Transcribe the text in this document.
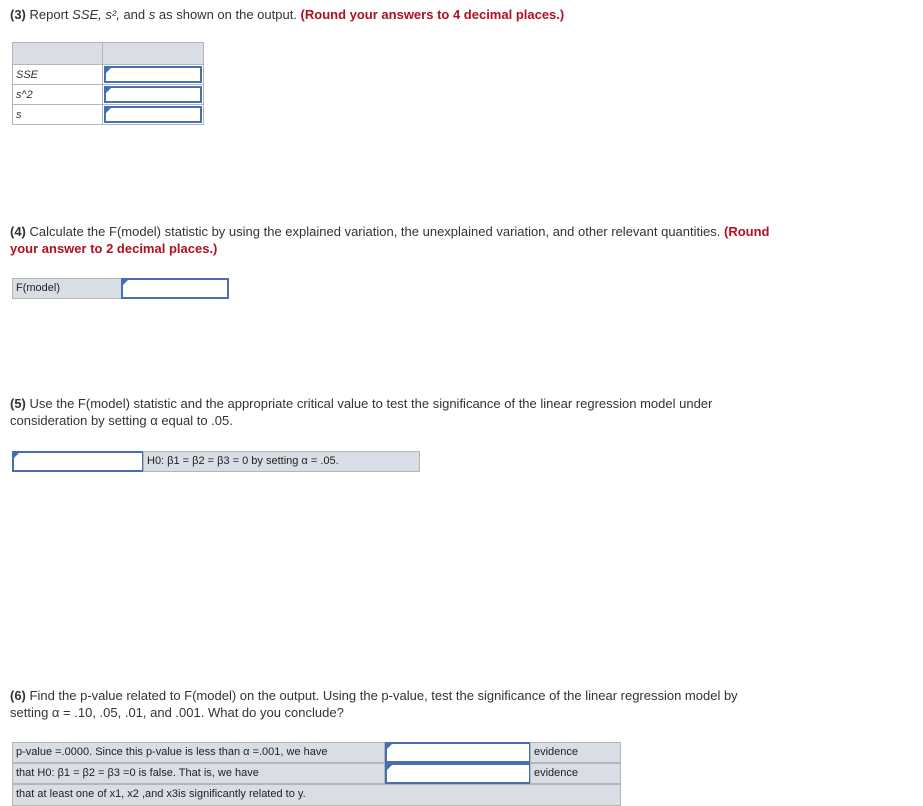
(3) Report SSE, s², and s as shown on the output. (Round your answers to 4 decimal places.)

SSE	

s^2	

s	
(4) Calculate the F(model) statistic by using the explained variation, the unexplained variation, and other relevant quantities. (Round
your answer to 2 decimal places.)
F(model)
(5) Use the F(model) statistic and the appropriate critical value to test the significance of the linear regression model under
consideration by setting α equal to .05.
H0: β1 = β2 = β3 = 0 by setting α = .05.
(6) Find the p-value related to F(model) on the output. Using the p-value, test the significance of the linear regression model by
setting α = .10, .05, .01, and .001. What do you conclude?
p-value =.0000. Since this p-value is less than α =.001, we have	evidence
that H0: β1 = β2 = β3 =0 is false. That is, we have	evidence
that at least one of x1, x2 ,and x3is significantly related to y.
